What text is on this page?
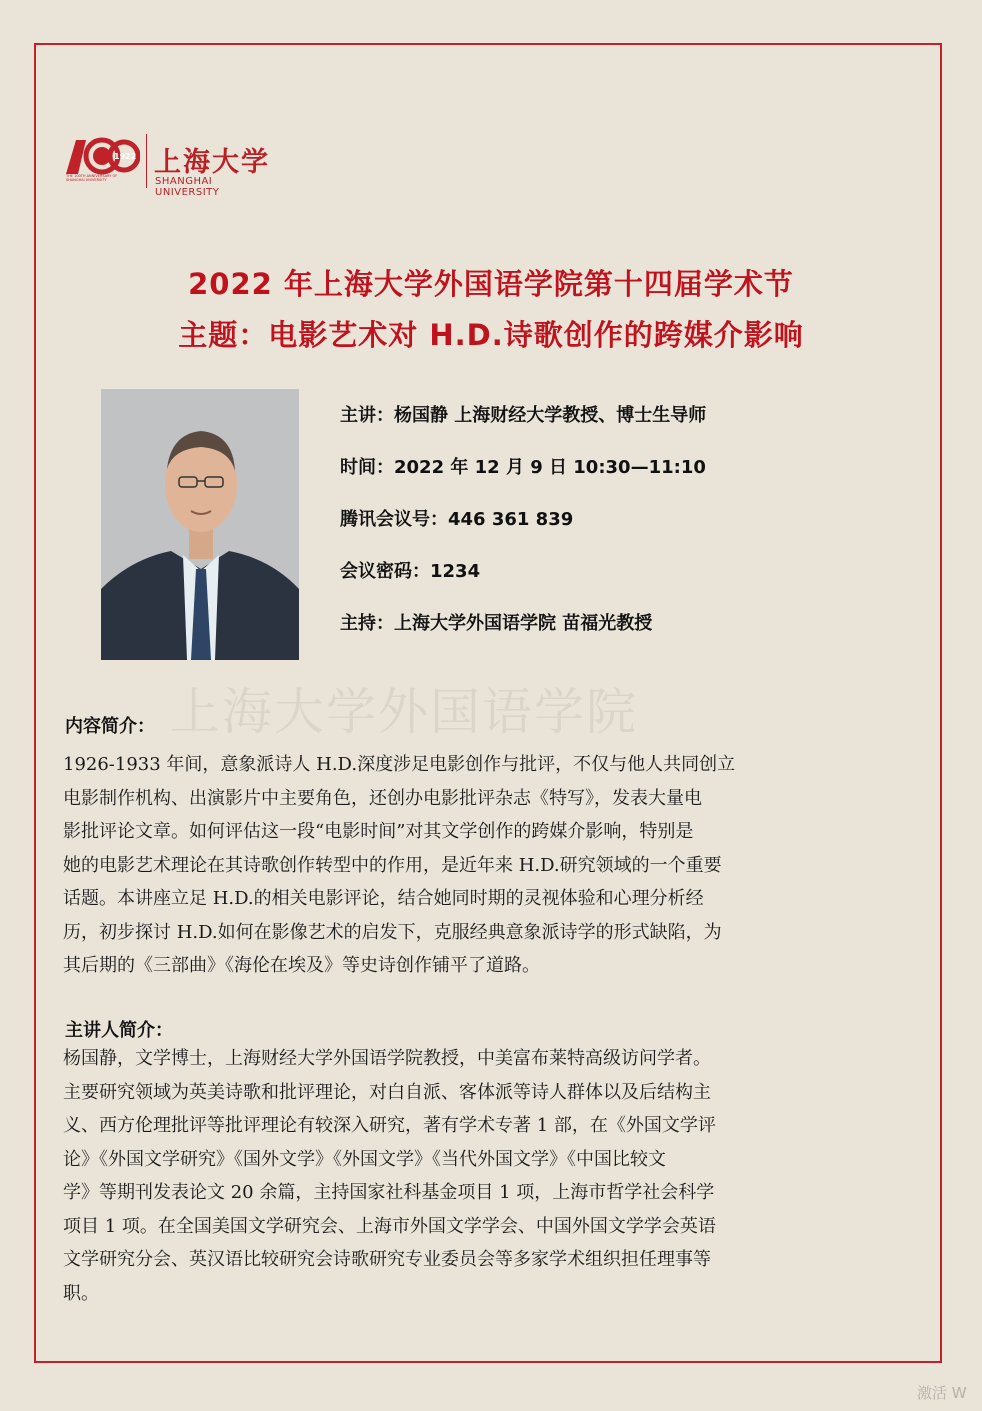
1922
THE 100TH ANNIVERSARY OF SHANGHAI UNIVERSITY
上海大学
SHANGHAI UNIVERSITY
2022 年上海大学外国语学院第十四届学术节
主题：电影艺术对 H.D.诗歌创作的跨媒介影响
主讲：杨国静 上海财经大学教授、博士生导师
时间：2022 年 12 月 9 日 10:30—11:10
腾讯会议号：446 361 839
会议密码：1234
主持：上海大学外国语学院 苗福光教授
上海大学外国语学院
内容简介：
1926-1933 年间，意象派诗人 H.D.深度涉足电影创作与批评，不仅与他人共同创立
电影制作机构、出演影片中主要角色，还创办电影批评杂志《特写》，发表大量电
影批评论文章。如何评估这一段“电影时间”对其文学创作的跨媒介影响，特别是
她的电影艺术理论在其诗歌创作转型中的作用，是近年来 H.D.研究领域的一个重要
话题。本讲座立足 H.D.的相关电影评论，结合她同时期的灵视体验和心理分析经
历，初步探讨 H.D.如何在影像艺术的启发下，克服经典意象派诗学的形式缺陷，为
其后期的《三部曲》《海伦在埃及》等史诗创作铺平了道路。
主讲人简介：
杨国静，文学博士，上海财经大学外国语学院教授，中美富布莱特高级访问学者。
主要研究领域为英美诗歌和批评理论，对白自派、客体派等诗人群体以及后结构主
义、西方伦理批评等批评理论有较深入研究，著有学术专著 1 部，在《外国文学评
论》《外国文学研究》《国外文学》《外国文学》《当代外国文学》《中国比较文
学》等期刊发表论文 20 余篇，主持国家社科基金项目 1 项，上海市哲学社会科学
项目 1 项。在全国美国文学研究会、上海市外国文学学会、中国外国文学学会英语
文学研究分会、英汉语比较研究会诗歌研究专业委员会等多家学术组织担任理事等
职。
激活 W
